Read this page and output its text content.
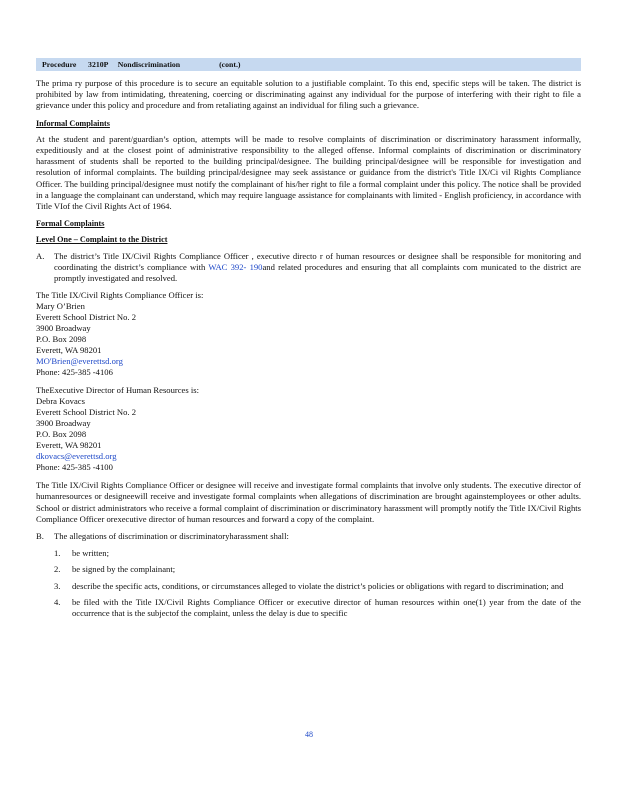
Procedure      3210P     Nondiscrimination                    (cont.)

The prima ry purpose of this procedure is to secure an equitable solution to a justifiable complaint. To this end, specific steps will be taken. The district is prohibited by law from intimidating, threatening, coercing or discriminating against any individual for the purpose of interfering with their right to file a grievance under this policy and procedure and from retaliating against an individual for filing such a grievance.

Informal Complaints

At the student and parent/guardian’s option, attempts will be made to resolve complaints of discrimination or discriminatory harassment informally, expeditiously and at the closest point of administrative responsibility to the alleged offense. Informal complaints of discrimination or discriminatory harassment of students shall be reported to the building principal/designee. The building principal/designee will be responsible for investigation and resolution of informal complaints. The building principal/designee may seek assistance or guidance from the district's Title IX/Ci vil Rights Compliance Officer. The building principal/designee must notify the complainant of his/her right to file a formal complaint under this policy. The notice shall be provided in a language the complainant can understand, which may require language assistance for complainants with limited - English proficiency, in accordance with Title VIof the Civil Rights Act of 1964.

Formal Complaints
Level One – Complaint to the District
A.	The district’s Title IX/Civil Rights Compliance Officer , executive directo r of human resources or designee shall be responsible for monitoring and coordinating the district’s compliance with WAC 392- 190and related procedures and ensuring that all complaints com municated to the district are promptly investigated and resolved.
The Title IX/Civil Rights Compliance Officer is:
Mary O’Brien
Everett School District No. 2
3900 Broadway
P.O. Box 2098
Everett, WA 98201
MO'Brien@everettsd.org
Phone: 425-385 -4106
TheExecutive Director of Human Resources is:
Debra Kovacs
Everett School District No. 2
3900 Broadway
P.O. Box 2098
Everett, WA 98201
dkovacs@everettsd.org
Phone: 425-385 -4100

The Title IX/Civil Rights Compliance Officer or designee will receive and investigate formal complaints that involve only students. The executive director of humanresources or designeewill receive and investigate formal complaints when allegations of discrimination are brought againstemployees or other adults. School or district administrators who receive a formal complaint of discrimination or discriminatory harassment will promptly notify the Title IX/Civil Rights Compliance Officer orexecutive director of human resources and forward a copy of the complaint.

B.	The allegations of discrimination or discriminatoryharassment shall:
1.	be written;
2.	be signed by the complainant;
3.	describe the specific acts, conditions, or circumstances alleged to violate the district’s policies or obligations with regard to discrimination; and
4.	be filed with the Title IX/Civil Rights Compliance Officer or executive director of human resources within one(1) year from the date of the occurrence that is the subjectof the complaint, unless the delay is due to specific
48
